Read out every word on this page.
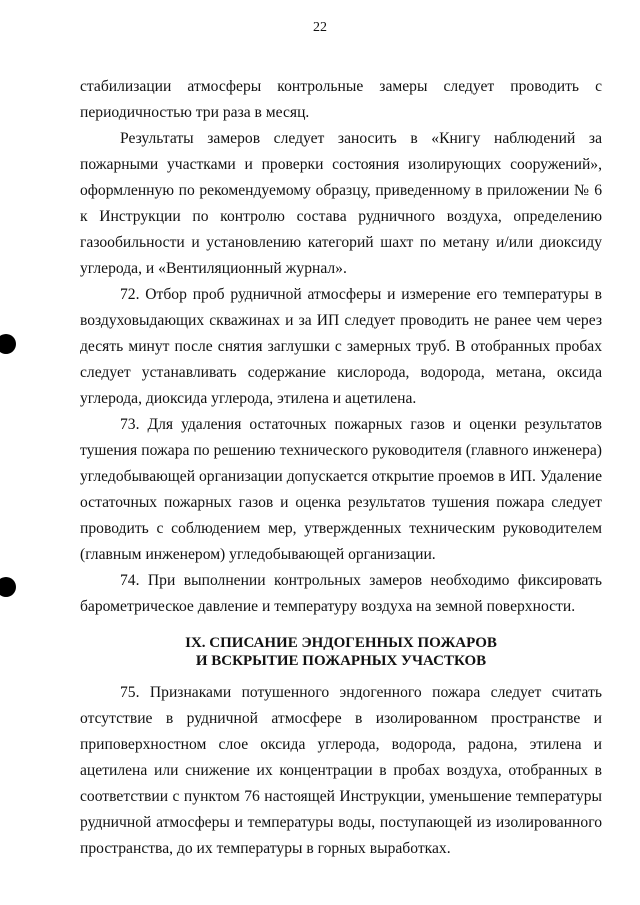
22

стабилизации атмосферы контрольные замеры следует проводить с периодичностью три раза в месяц.

Результаты замеров следует заносить в «Книгу наблюдений за пожарными участками и проверки состояния изолирующих сооружений», оформленную по рекомендуемому образцу, приведенному в приложении № 6 к Инструкции по контролю состава рудничного воздуха, определению газообильности и установлению категорий шахт по метану и/или диоксиду углерода, и «Вентиляционный журнал».

72. Отбор проб рудничной атмосферы и измерение его температуры в воздуховыдающих скважинах и за ИП следует проводить не ранее чем через десять минут после снятия заглушки с замерных труб. В отобранных пробах следует устанавливать содержание кислорода, водорода, метана, оксида углерода, диоксида углерода, этилена и ацетилена.

73. Для удаления остаточных пожарных газов и оценки результатов тушения пожара по решению технического руководителя (главного инженера) угледобывающей организации допускается открытие проемов в ИП. Удаление остаточных пожарных газов и оценка результатов тушения пожара следует проводить с соблюдением мер, утвержденных техническим руководителем (главным инженером) угледобывающей организации.

74. При выполнении контрольных замеров необходимо фиксировать барометрическое давление и температуру воздуха на земной поверхности.

IX. СПИСАНИЕ ЭНДОГЕННЫХ ПОЖАРОВ
И ВСКРЫТИЕ ПОЖАРНЫХ УЧАСТКОВ

75. Признаками потушенного эндогенного пожара следует считать отсутствие в рудничной атмосфере в изолированном пространстве и приповерхностном слое оксида углерода, водорода, радона, этилена и ацетилена или снижение их концентрации в пробах воздуха, отобранных в соответствии с пунктом 76 настоящей Инструкции, уменьшение температуры рудничной атмосферы и температуры воды, поступающей из изолированного пространства, до их температуры в горных выработках.
